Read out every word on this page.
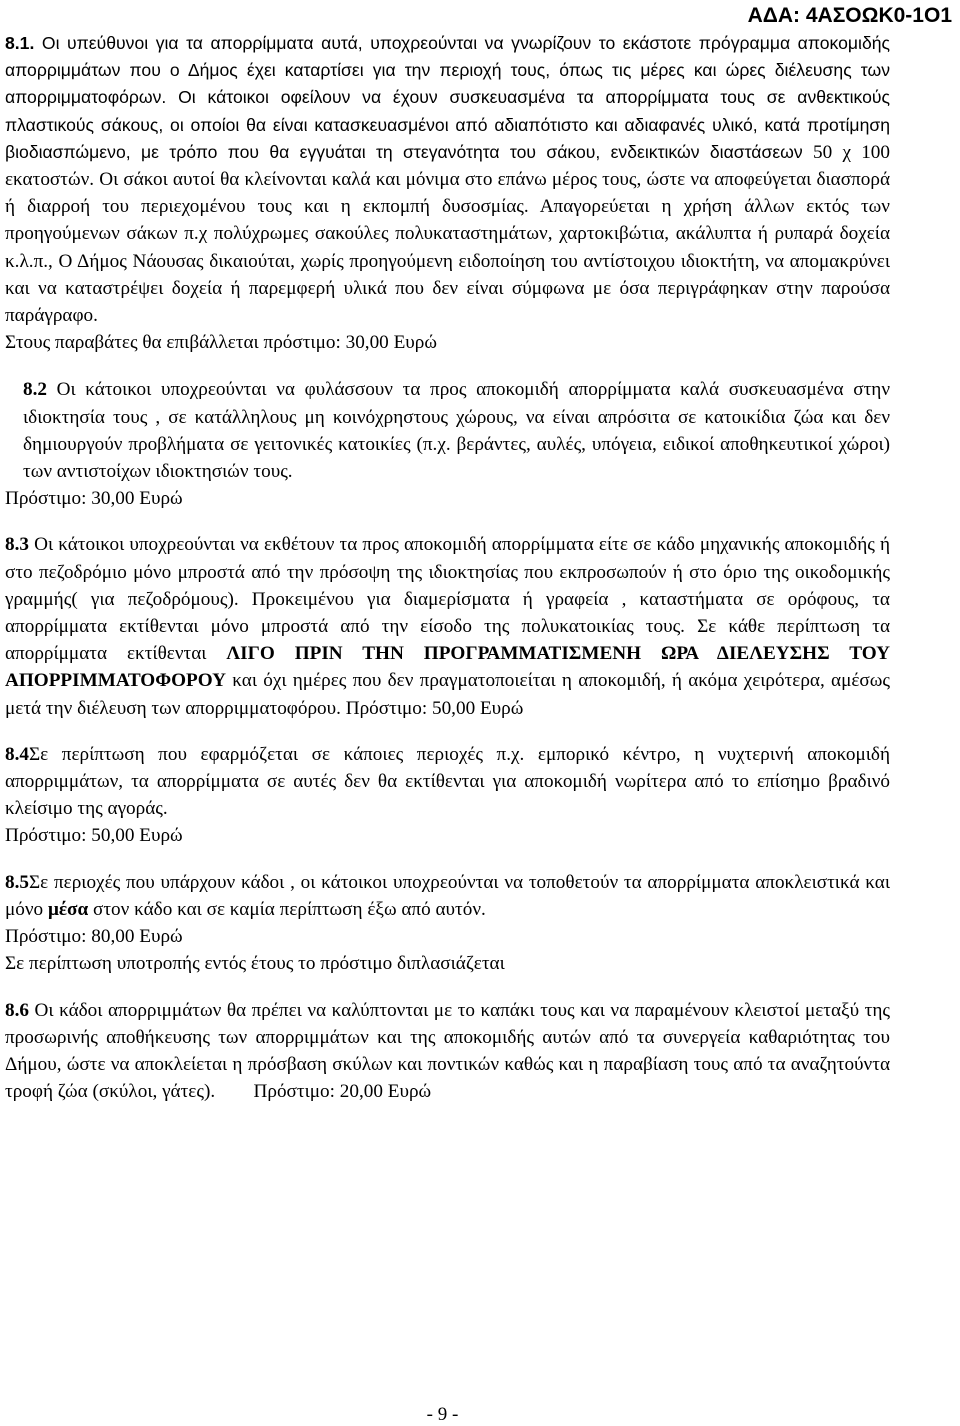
ΑΔΑ: 4ΑΣΟΩΚ0-1Ο1

8.1. Οι υπεύθυνοι για τα απορρίμματα αυτά, υποχρεούνται να γνωρίζουν το εκάστοτε πρόγραμμα αποκομιδής απορριμμάτων που ο Δήμος έχει καταρτίσει για την περιοχή τους, όπως τις μέρες και ώρες διέλευσης των απορριμματοφόρων. Οι κάτοικοι οφείλουν να έχουν συσκευασμένα τα απορρίμματα τους σε ανθεκτικούς πλαστικούς σάκους, οι οποίοι θα είναι κατασκευασμένοι από αδιαπότιστο και αδιαφανές υλικό, κατά προτίμηση βιοδιασπώμενο, με τρόπο που θα εγγυάται τη στεγανότητα του σάκου, ενδεικτικών διαστάσεων 50 χ 100 εκατοστών. Οι σάκοι αυτοί θα κλείνονται καλά και μόνιμα στο επάνω μέρος τους, ώστε να αποφεύγεται διασπορά ή διαρροή του περιεχομένου τους και η εκπομπή δυσοσμίας. Απαγορεύεται η χρήση άλλων εκτός των προηγούμενων σάκων π.χ πολύχρωμες σακούλες πολυκαταστημάτων, χαρτοκιβώτια, ακάλυπτα ή ρυπαρά δοχεία κ.λ.π., Ο Δήμος Νάουσας δικαιούται, χωρίς προηγούμενη ειδοποίηση του αντίστοιχου ιδιοκτήτη, να απομακρύνει και να καταστρέψει δοχεία ή παρεμφερή υλικά που δεν είναι σύμφωνα με όσα περιγράφηκαν στην παρούσα παράγραφο.

Στους παραβάτες θα επιβάλλεται πρόστιμο: 30,00 Ευρώ

8.2 Οι κάτοικοι υποχρεούνται να φυλάσσουν τα προς αποκομιδή απορρίμματα καλά συσκευασμένα στην ιδιοκτησία τους , σε κατάλληλους μη κοινόχρηστους χώρους, να είναι απρόσιτα σε κατοικίδια ζώα και δεν δημιουργούν προβλήματα σε γειτονικές κατοικίες (π.χ. βεράντες, αυλές, υπόγεια, ειδικοί αποθηκευτικοί χώροι) των αντιστοίχων ιδιοκτησιών τους.

Πρόστιμο: 30,00 Ευρώ

8.3 Οι κάτοικοι υποχρεούνται να εκθέτουν τα προς αποκομιδή απορρίμματα είτε σε κάδο μηχανικής αποκομιδής ή στο πεζοδρόμιο μόνο μπροστά από την πρόσοψη της ιδιοκτησίας που εκπροσωπούν ή στο όριο της οικοδομικής γραμμής( για πεζοδρόμους). Προκειμένου για διαμερίσματα ή γραφεία , καταστήματα σε ορόφους, τα απορρίμματα εκτίθενται μόνο μπροστά από την είσοδο της πολυκατοικίας τους. Σε κάθε περίπτωση τα απορρίμματα εκτίθενται ΛΙΓΟ ΠΡΙΝ ΤΗΝ ΠΡΟΓΡΑΜΜΑΤΙΣΜΕΝΗ ΩΡΑ ΔΙΕΛΕΥΣΗΣ ΤΟΥ ΑΠΟΡΡΙΜΜΑΤΟΦΟΡΟΥ και όχι ημέρες που δεν πραγματοποιείται η αποκομιδή, ή ακόμα χειρότερα, αμέσως μετά την διέλευση των απορριμματοφόρου. Πρόστιμο: 50,00 Ευρώ

8.4Σε περίπτωση που εφαρμόζεται σε κάποιες περιοχές π.χ. εμπορικό κέντρο, η νυχτερινή αποκομιδή απορριμμάτων, τα απορρίμματα σε αυτές δεν θα εκτίθενται για αποκομιδή νωρίτερα από το επίσημο βραδινό κλείσιμο της αγοράς.

Πρόστιμο: 50,00 Ευρώ

8.5Σε περιοχές που υπάρχουν κάδοι , οι κάτοικοι υποχρεούνται να τοποθετούν τα απορρίμματα αποκλειστικά και μόνο μέσα στον κάδο και σε καμία περίπτωση έξω από αυτόν.

Πρόστιμο: 80,00 Ευρώ

Σε περίπτωση υποτροπής εντός έτους το πρόστιμο διπλασιάζεται

8.6 Οι κάδοι απορριμμάτων θα πρέπει να καλύπτονται με το καπάκι τους και να παραμένουν κλειστοί μεταξύ της προσωρινής αποθήκευσης των απορριμμάτων και της αποκομιδής αυτών από τα συνεργεία καθαριότητας του Δήμου, ώστε να αποκλείεται η πρόσβαση σκύλων και ποντικών καθώς και η παραβίαση τους από τα αναζητούντα τροφή ζώα (σκύλοι, γάτες). Πρόστιμο: 20,00 Ευρώ

- 9 -
